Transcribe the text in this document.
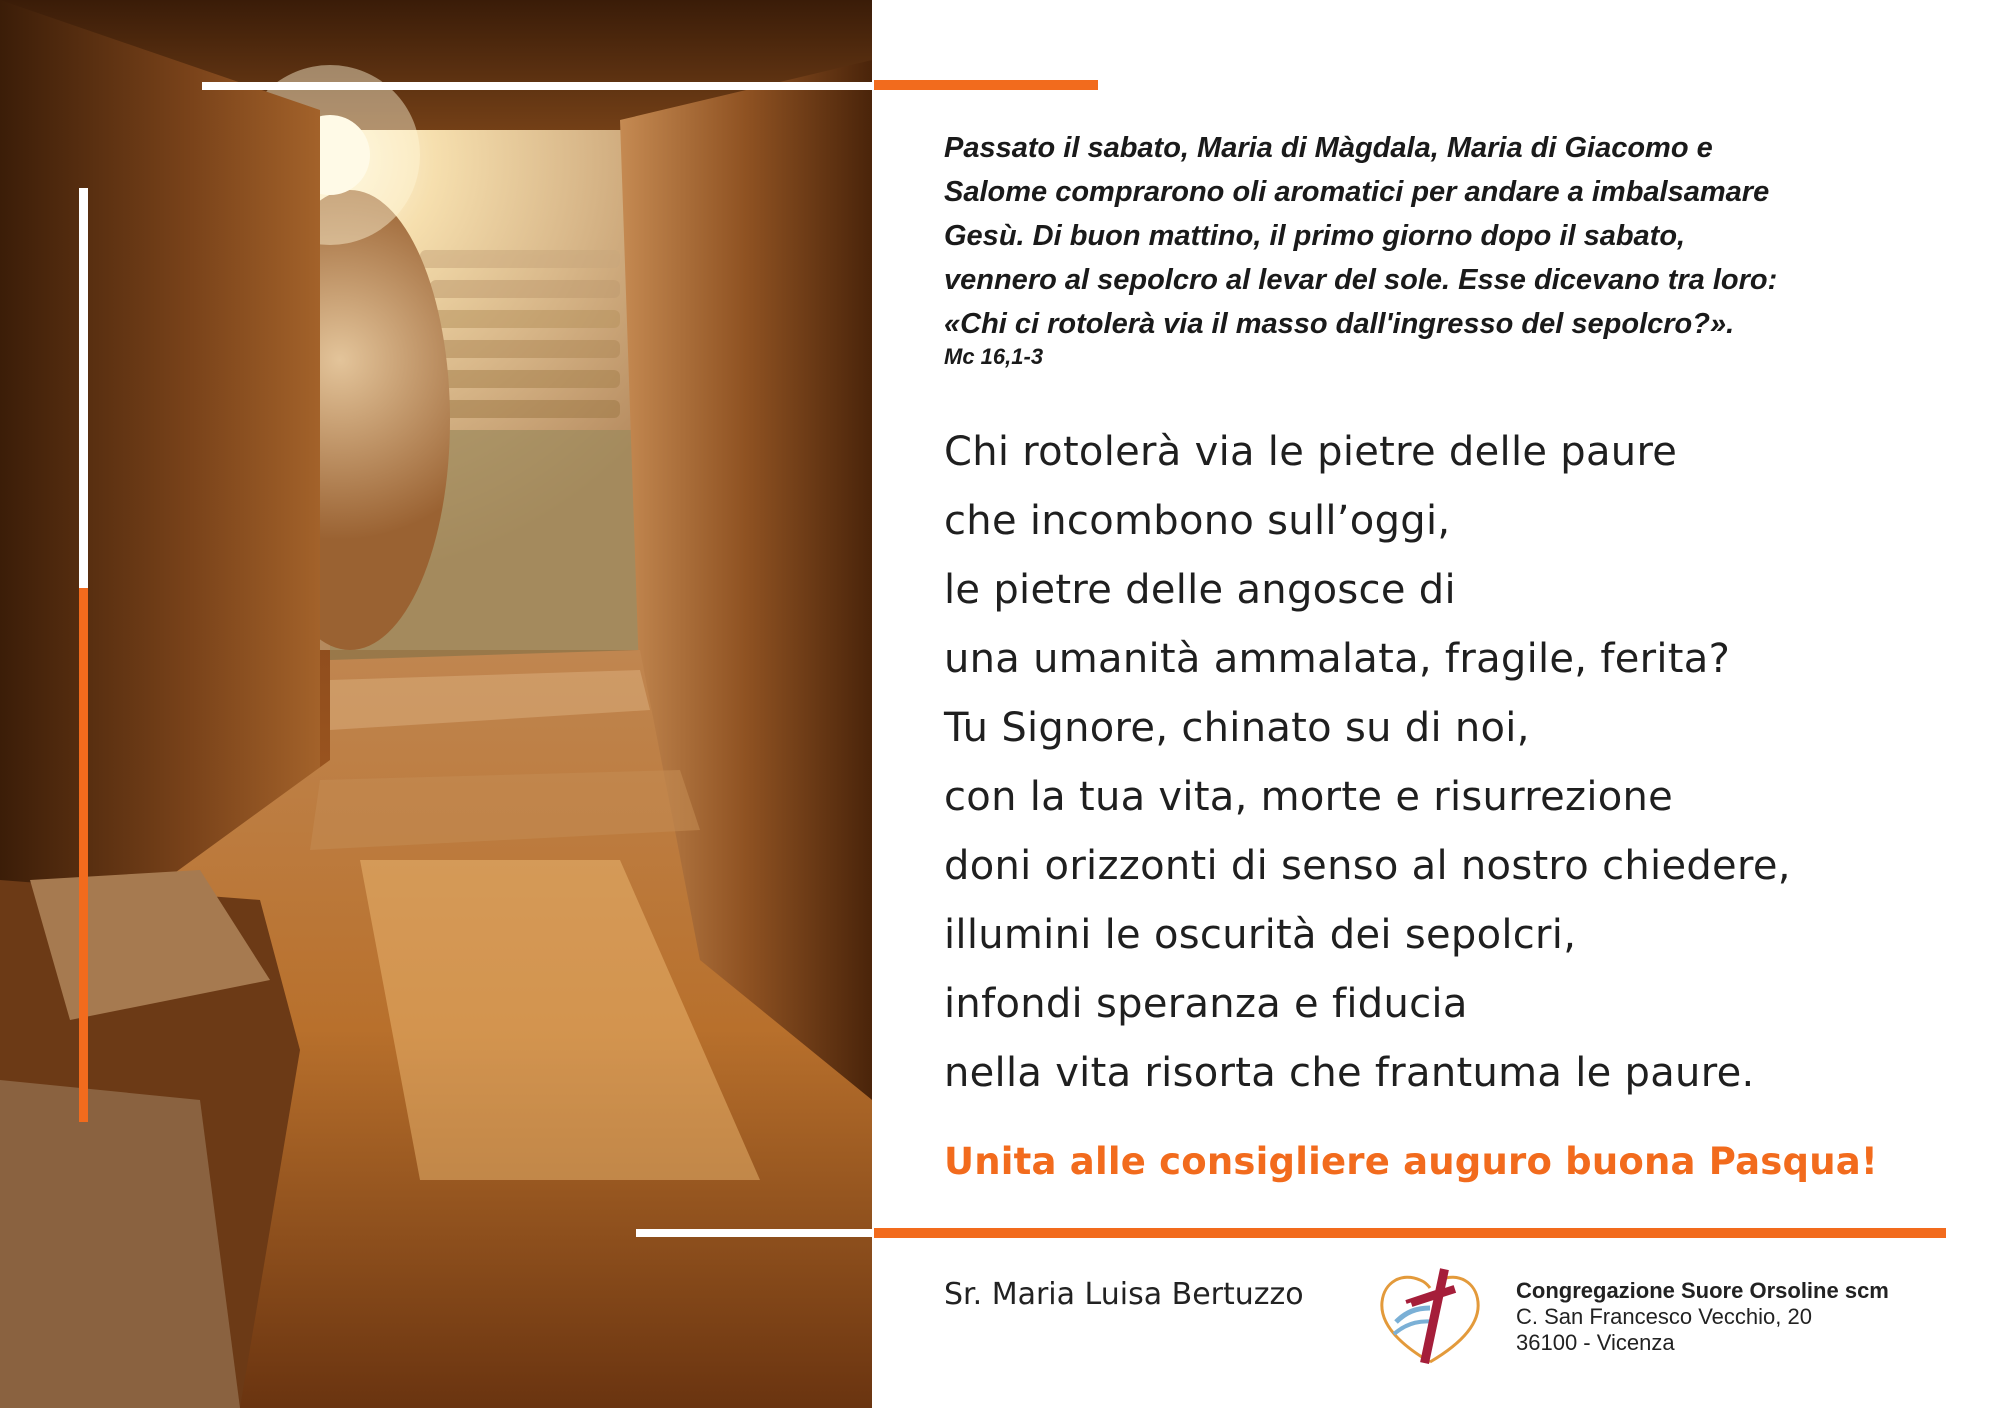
Passato il sabato, Maria di Màgdala, Maria di Giacomo e
Salome comprarono oli aromatici per andare a imbalsamare
Gesù. Di buon mattino, il primo giorno dopo il sabato,
vennero al sepolcro al levar del sole. Esse dicevano tra loro:
«Chi ci rotolerà via il masso dall'ingresso del sepolcro?».
Mc 16,1-3
Chi rotolerà via le pietre delle paure
che incombono sull’oggi,
le pietre delle angosce di
una umanità ammalata, fragile, ferita?
Tu Signore, chinato su di noi,
con la tua vita, morte e risurrezione
doni orizzonti di senso al nostro chiedere,
illumini le oscurità dei sepolcri,
infondi speranza e fiducia
nella vita risorta che frantuma le paure.
Unita alle consigliere auguro buona Pasqua!
Sr. Maria Luisa Bertuzzo	Congregazione Suore Orsoline scm
C. San Francesco Vecchio, 20
36100 - Vicenza
